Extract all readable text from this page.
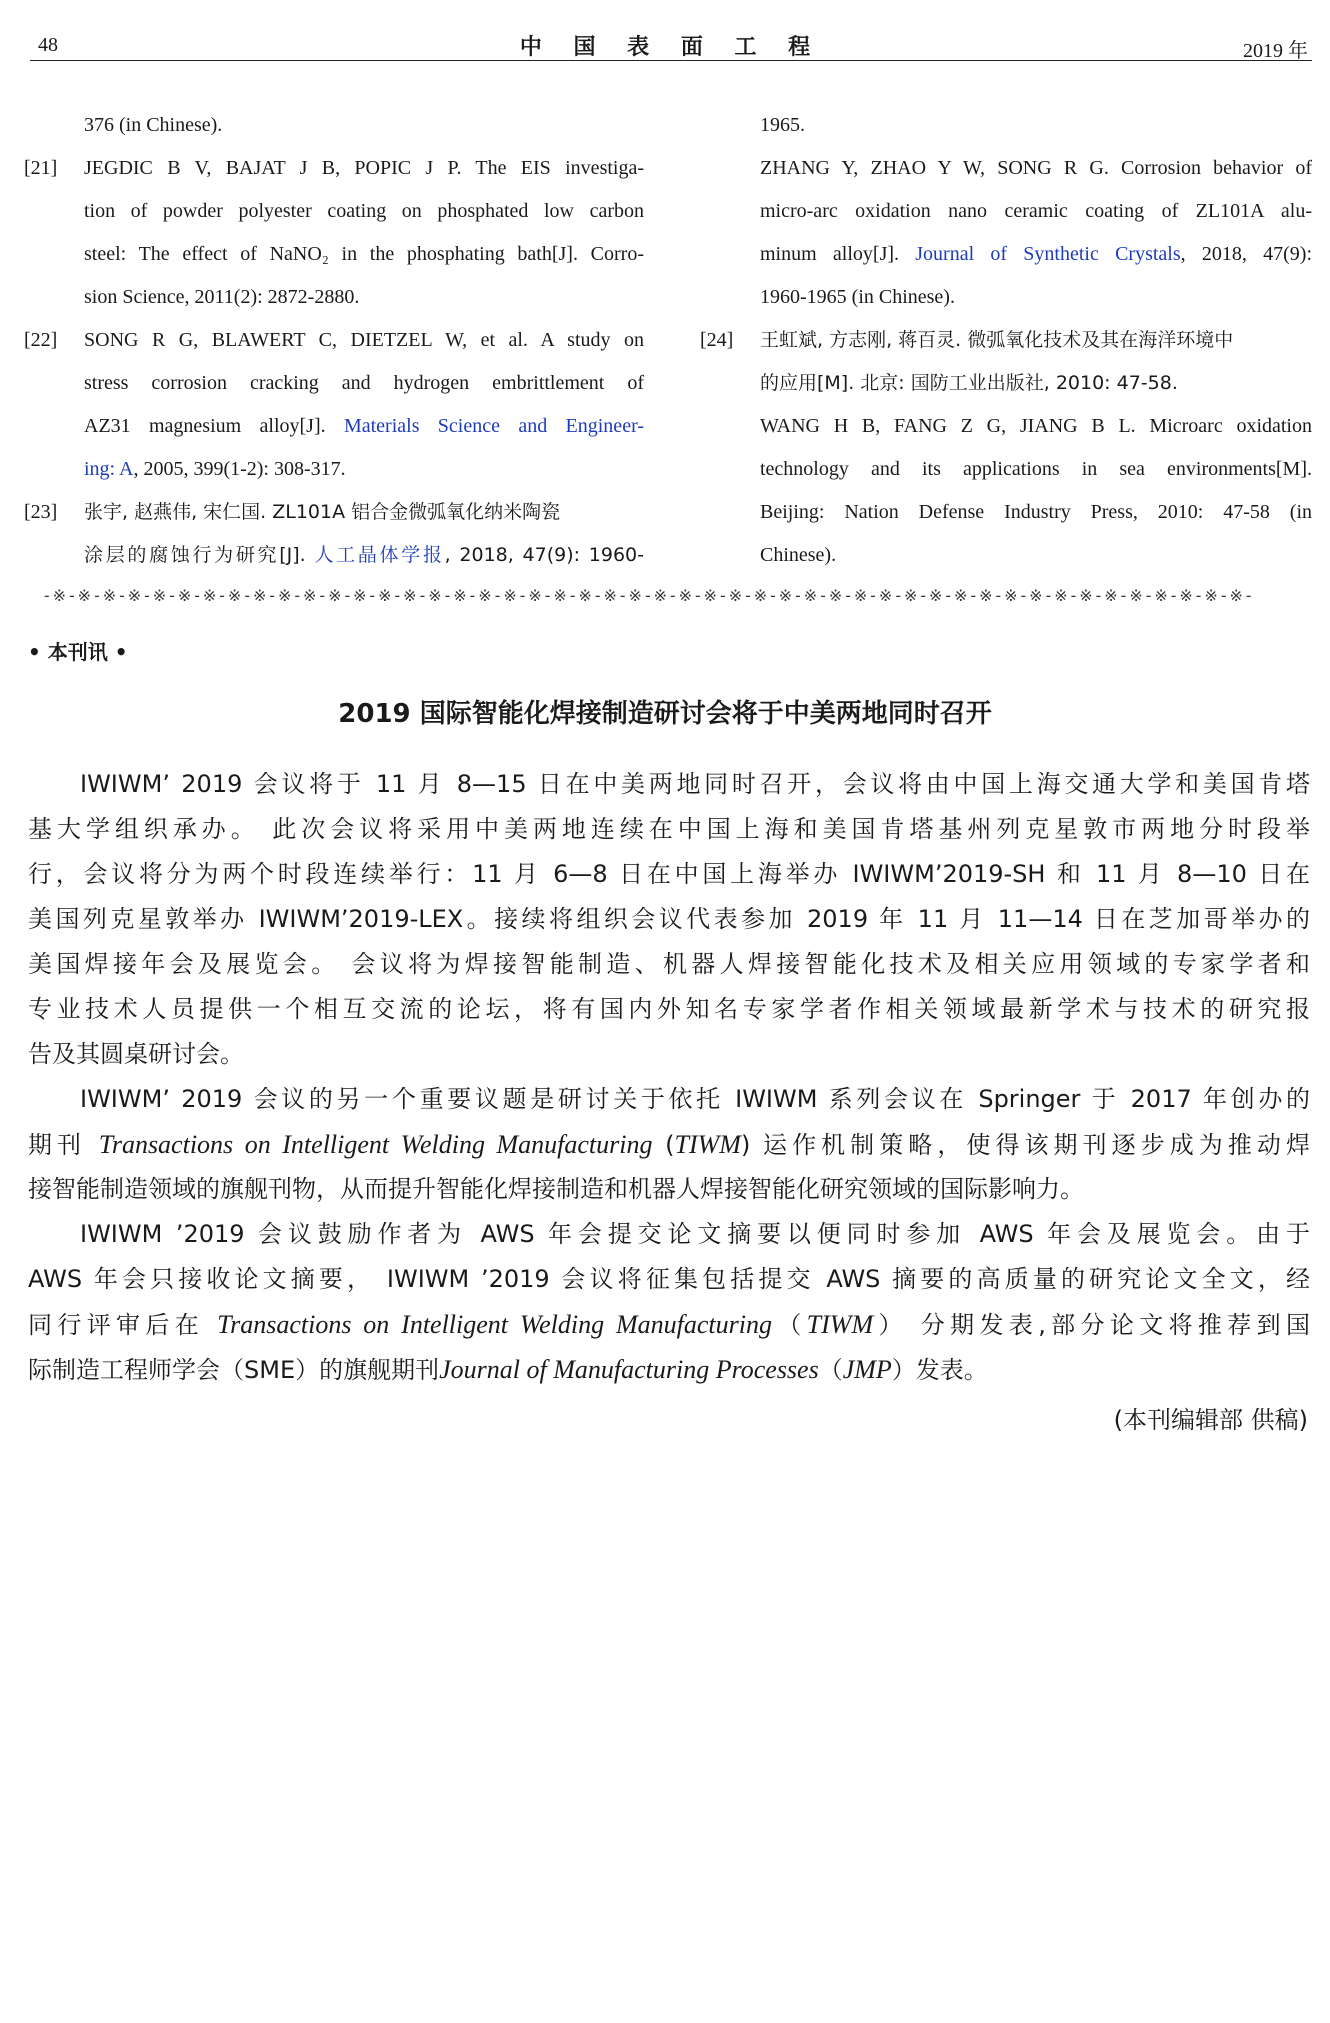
48	中 国 表 面 工 程	2019 年
376 (in Chinese).
[21] JEGDIC B V, BAJAT J B, POPIC J P. The EIS investiga-
tion of powder polyester coating on phosphated low carbon
steel: The effect of NaNO₂ in the phosphating bath[J]. Corro-
sion Science, 2011(2): 2872-2880.
[22] SONG R G, BLAWERT C, DIETZEL W, et al. A study on
stress corrosion cracking and hydrogen embrittlement of
AZ31 magnesium alloy[J]. Materials Science and Engineer-
ing: A, 2005, 399(1-2): 308-317.
[23] 张宇, 赵燕伟, 宋仁国. ZL101A 铝合金微弧氧化纳米陶瓷
涂层的腐蚀行为研究[J]. 人工晶体学报, 2018, 47(9): 1960-
1965.
ZHANG Y, ZHAO Y W, SONG R G. Corrosion behavior of
micro-arc oxidation nano ceramic coating of ZL101A alu-
minum alloy[J]. Journal of Synthetic Crystals, 2018, 47(9):
1960-1965 (in Chinese).
[24] 王虹斌, 方志刚, 蒋百灵. 微弧氧化技术及其在海洋环境中
的应用[M]. 北京: 国防工业出版社, 2010: 47-58.
WANG H B, FANG Z G, JIANG B L. Microarc oxidation
technology and its applications in sea environments[M].
Beijing: Nation Defense Industry Press, 2010: 47-58 (in
Chinese).
-※-※-※-※-※-※-※-※-※-※-※-※-※-※-※-※-※-※-※-※-※-※-※-※-※-※-※-※-※-※-※-※-※-※-※-※-※-※-※-※-※-※-※-※-※-※-※-※-
• 本刊讯 •
2019 国际智能化焊接制造研讨会将于中美两地同时召开
IWIWM’ 2019 会议将于 11 月 8—15 日在中美两地同时召开，会议将由中国上海交通大学和美国肯塔
基大学组织承办。 此次会议将采用中美两地连续在中国上海和美国肯塔基州列克星敦市两地分时段举
行，会议将分为两个时段连续举行：11 月 6—8 日在中国上海举办 IWIWM’2019-SH 和 11 月 8—10 日在
美国列克星敦举办 IWIWM’2019-LEX。接续将组织会议代表参加 2019 年 11 月 11—14 日在芝加哥举办的
美国焊接年会及展览会。 会议将为焊接智能制造、机器人焊接智能化技术及相关应用领域的专家学者和
专业技术人员提供一个相互交流的论坛，将有国内外知名专家学者作相关领域最新学术与技术的研究报
告及其圆桌研讨会。
IWIWM’ 2019 会议的另一个重要议题是研讨关于依托 IWIWM 系列会议在 Springer 于 2017 年创办的
期刊 Transactions on Intelligent Welding Manufacturing (TIWM) 运作机制策略，使得该期刊逐步成为推动焊
接智能制造领域的旗舰刊物，从而提升智能化焊接制造和机器人焊接智能化研究领域的国际影响力。
IWIWM ’2019 会议鼓励作者为 AWS 年会提交论文摘要以便同时参加 AWS 年会及展览会。由于
AWS 年会只接收论文摘要， IWIWM ’2019 会议将征集包括提交 AWS 摘要的高质量的研究论文全文，经
同行评审后在 Transactions on Intelligent Welding Manufacturing（TIWM） 分期发表,部分论文将推荐到国
际制造工程师学会（SME）的旗舰期刊Journal of Manufacturing Processes（JMP）发表。
(本刊编辑部 供稿)
